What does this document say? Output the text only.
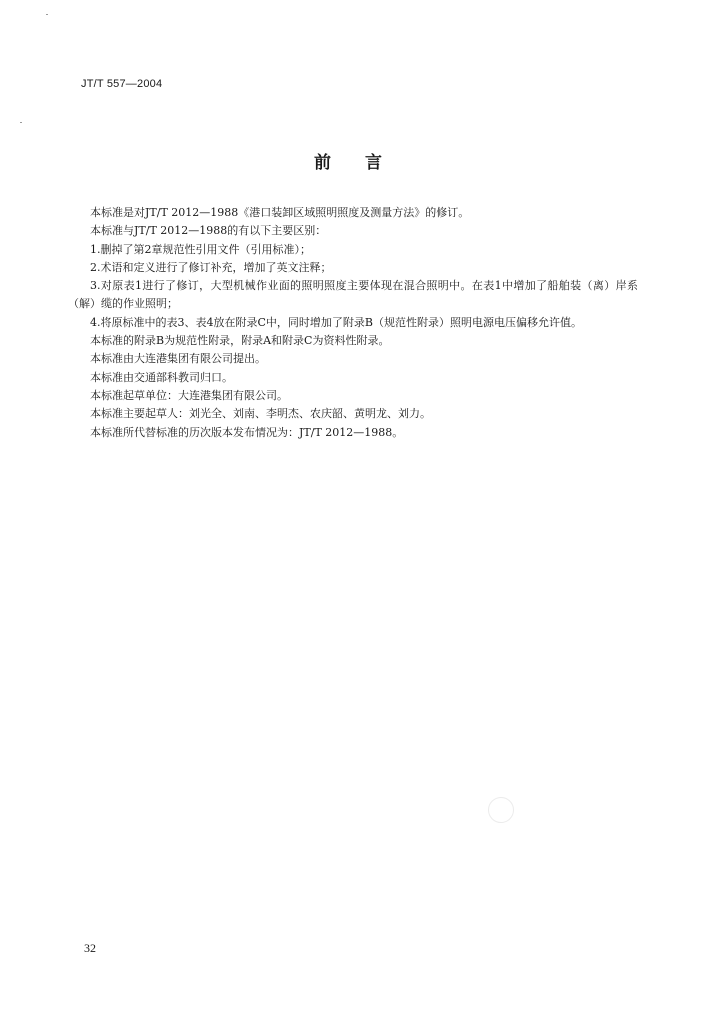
JT/T 557—2004
前言

本标准是对JT/T 2012—1988《港口装卸区域照明照度及测量方法》的修订。

本标准与JT/T 2012—1988的有以下主要区别：

1.删掉了第2章规范性引用文件（引用标准）；

2.术语和定义进行了修订补充，增加了英文注释；

3.对原表1进行了修订，大型机械作业面的照明照度主要体现在混合照明中。在表1中增加了船舶装（离）岸系（解）缆的作业照明；

4.将原标准中的表3、表4放在附录C中，同时增加了附录B（规范性附录）照明电源电压偏移允许值。

本标准的附录B为规范性附录，附录A和附录C为资料性附录。

本标准由大连港集团有限公司提出。

本标准由交通部科教司归口。

本标准起草单位：大连港集团有限公司。

本标准主要起草人：刘光全、刘南、李明杰、农庆韶、黄明龙、刘力。

本标准所代替标准的历次版本发布情况为：JT/T 2012—1988。

32
